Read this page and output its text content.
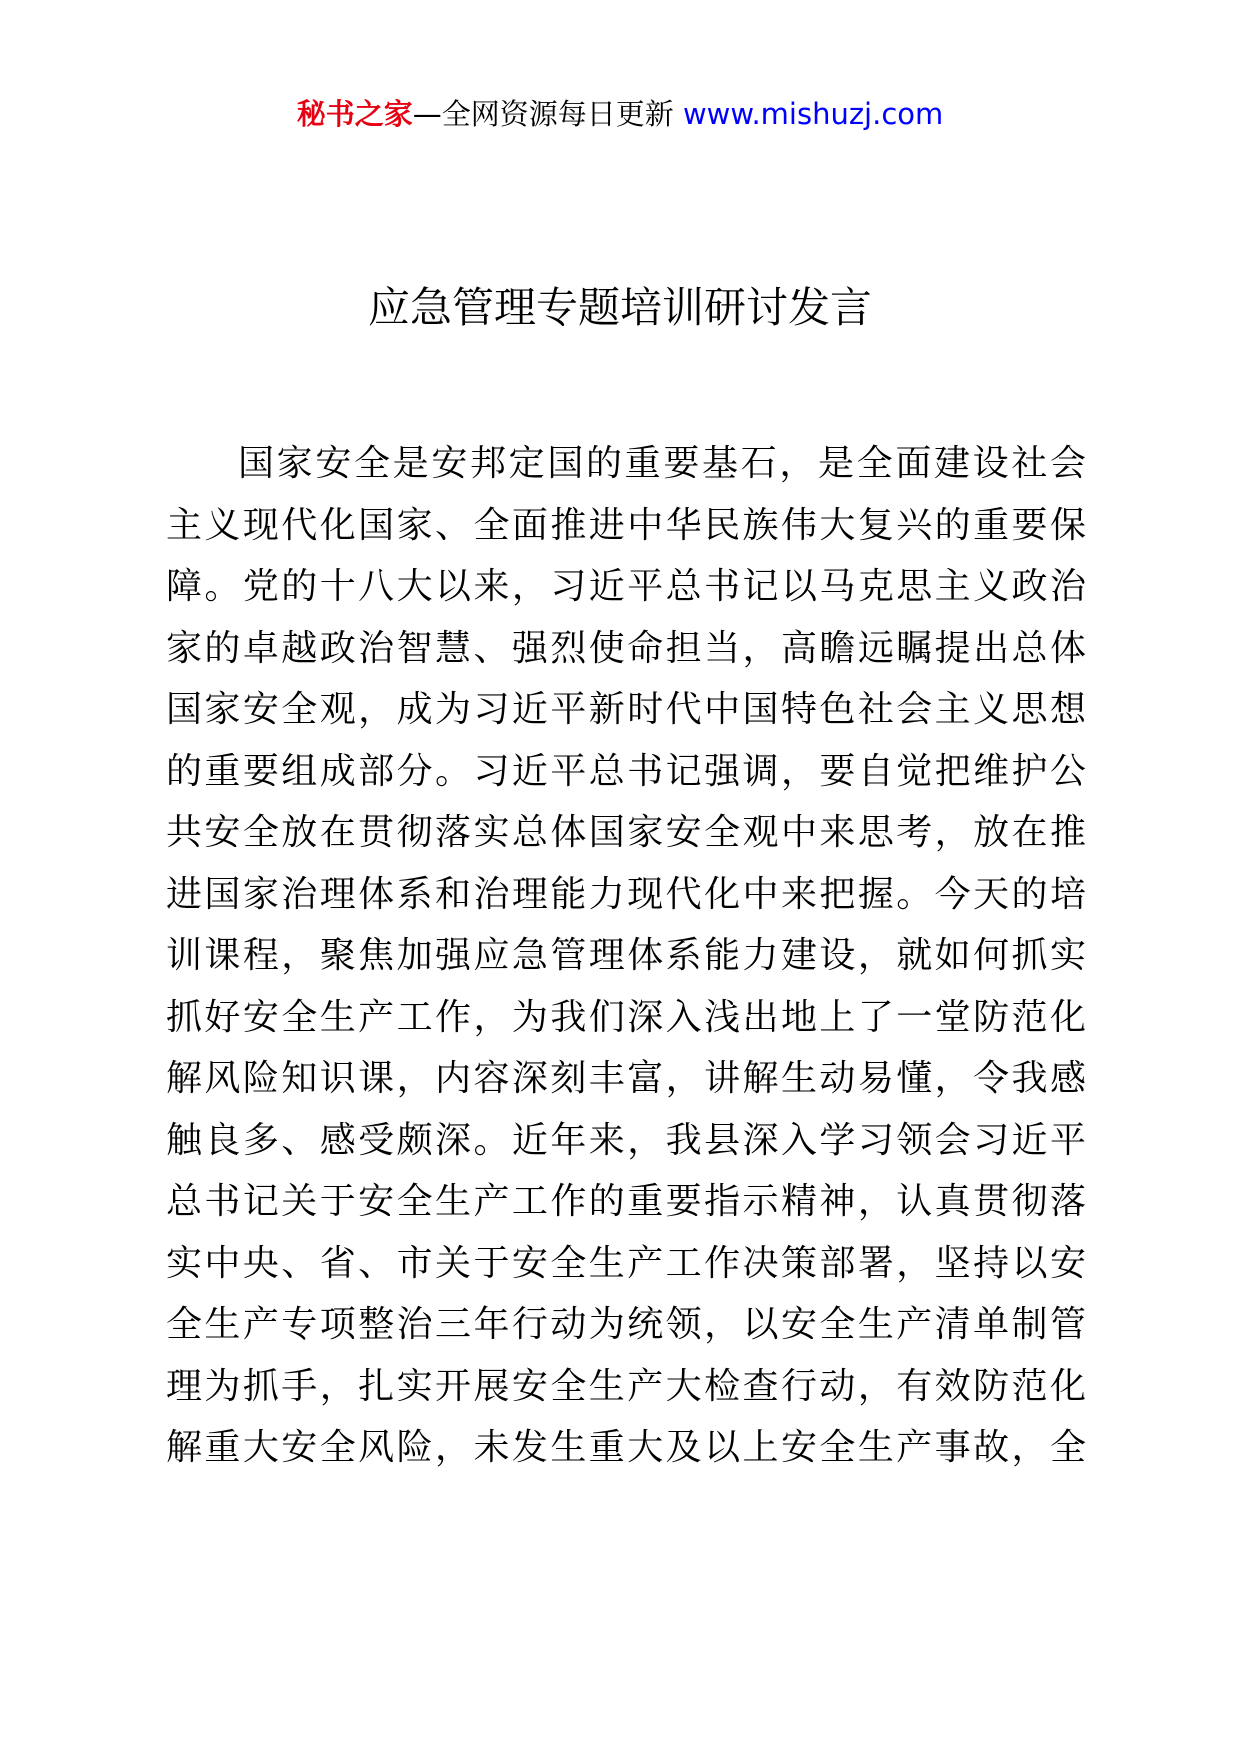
秘书之家—全网资源每日更新 www.mishuzj.com
应急管理专题培训研讨发言
国家安全是安邦定国的重要基石，是全面建设社会
主义现代化国家、全面推进中华民族伟大复兴的重要保
障。党的十八大以来，习近平总书记以马克思主义政治
家的卓越政治智慧、强烈使命担当，高瞻远瞩提出总体
国家安全观，成为习近平新时代中国特色社会主义思想
的重要组成部分。习近平总书记强调，要自觉把维护公
共安全放在贯彻落实总体国家安全观中来思考，放在推
进国家治理体系和治理能力现代化中来把握。今天的培
训课程，聚焦加强应急管理体系能力建设，就如何抓实
抓好安全生产工作，为我们深入浅出地上了一堂防范化
解风险知识课，内容深刻丰富，讲解生动易懂，令我感
触良多、感受颇深。近年来，我县深入学习领会习近平
总书记关于安全生产工作的重要指示精神，认真贯彻落
实中央、省、市关于安全生产工作决策部署，坚持以安
全生产专项整治三年行动为统领，以安全生产清单制管
理为抓手，扎实开展安全生产大检查行动，有效防范化
解重大安全风险，未发生重大及以上安全生产事故，全
